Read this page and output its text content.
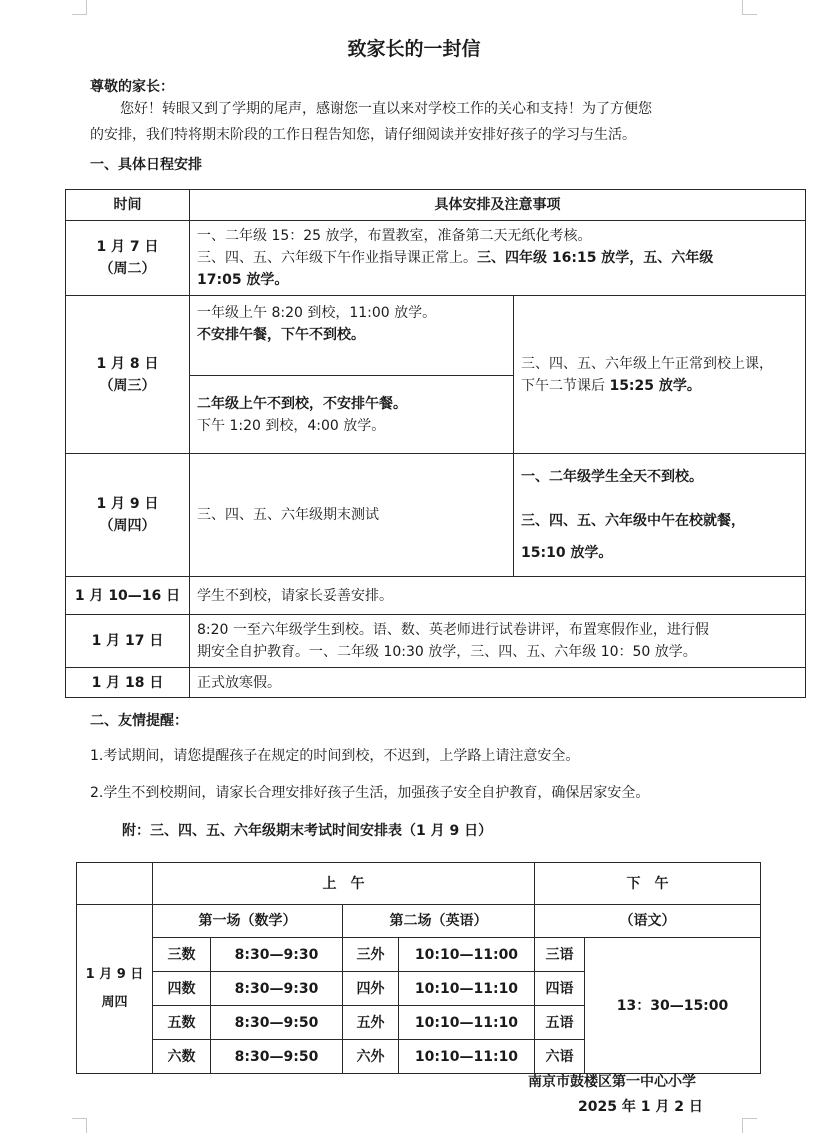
致家长的一封信
尊敬的家长：
您好！转眼又到了学期的尾声，感谢您一直以来对学校工作的关心和支持！为了方便您
的安排，我们特将期末阶段的工作日程告知您，请仔细阅读并安排好孩子的学习与生活。
一、具体日程安排
时间	具体安排及注意事项	

1 月 7 日
（周二）	一、二年级 15：25 放学，布置教室，准备第二天无纸化考核。
三、四、五、六年级下午作业指导课正常上。三、四年级 16:15 放学，五、六年级
17:05 放学。	

1 月 8 日
（周三）	一年级上午 8:20 到校，11:00 放学。
不安排午餐，下午不到校。	三、四、五、六年级上午正常到校上课，
下午二节课后 15:25 放学。

	二年级上午不到校，不安排午餐。
下午 1:20 到校，4:00 放学。	

1 月 9 日
（周四）	三、四、五、六年级期末测试	一、二年级学生全天不到校。
三、四、五、六年级中午在校就餐，
15:10 放学。

1 月 10—16 日	学生不到校，请家长妥善安排。	
1 月 17 日	8:20 一至六年级学生到校。语、数、英老师进行试卷讲评，布置寒假作业，进行假
期安全自护教育。一、二年级 10:30 放学，三、四、五、六年级 10：50 放学。	

1 月 18 日	正式放寒假。	
二、友情提醒：
1.考试期间，请您提醒孩子在规定的时间到校，不迟到，上学路上请注意安全。
2.学生不到校期间，请家长合理安排好孩子生活，加强孩子安全自护教育，确保居家安全。
附：三、四、五、六年级期末考试时间安排表（1 月 9 日）
	上　午				下　午	

1 月 9 日
周四	第一场（数学）		第二场（英语）		（语文）	
	三数	8:30—9:30	三外	10:10—11:00	三语	13：30—15:00
	四数	8:30—9:30	四外	10:10—11:10	四语	
	五数	8:30—9:50	五外	10:10—11:10	五语	
	六数	8:30—9:50	六外	10:10—11:10	六语	
南京市鼓楼区第一中心小学
2025 年 1 月 2 日
